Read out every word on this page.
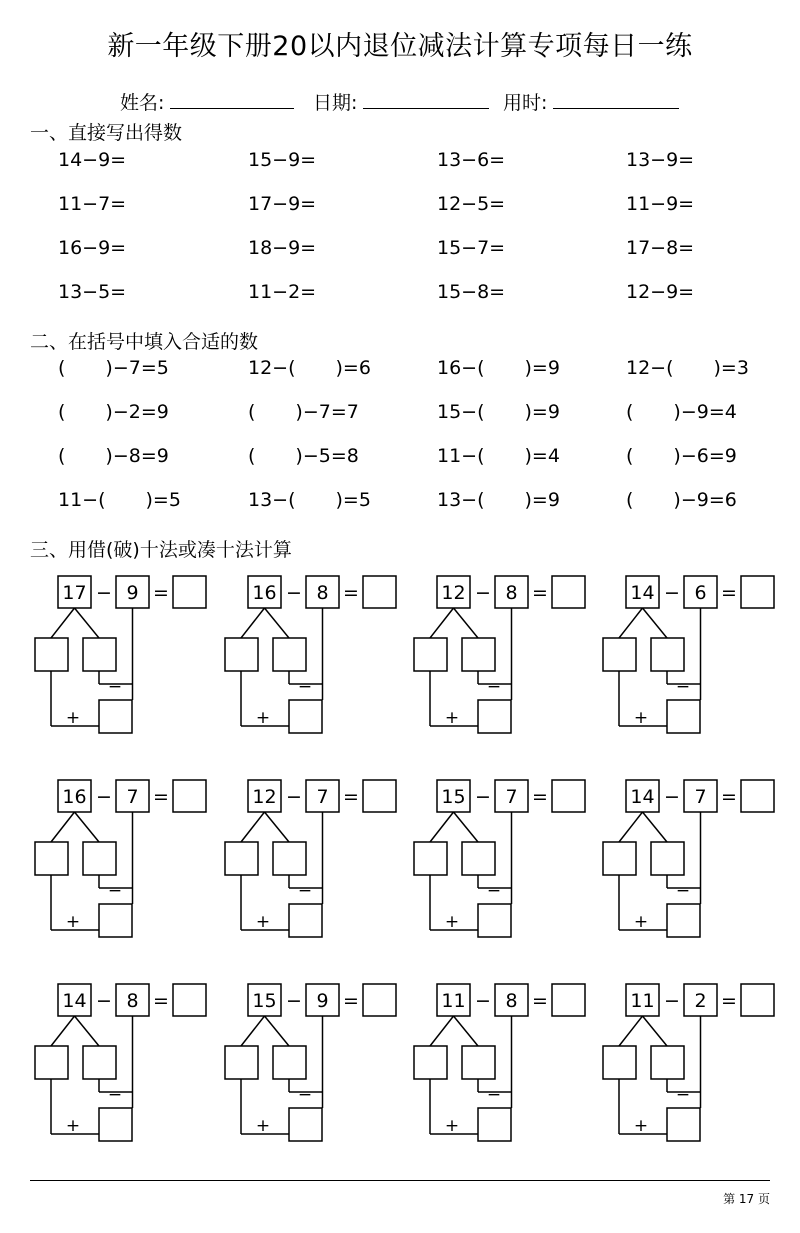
新一年级下册20以内退位减法计算专项每日一练
姓名:	日期:	用时:
一、直接写出得数
14−9=	15−9=	13−6=	13−9=
11−7=	17−9=	12−5=	11−9=
16−9=	18−9=	15−7=	17−8=
13−5=	11−2=	15−8=	12−9=
二、在括号中填入合适的数
( )−7=5	12−( )=6	16−( )=9	12−( )=3
( )−2=9	( )−7=7	15−( )=9	( )−9=4
( )−8=9	( )−5=8	11−( )=4	( )−6=9
11−( )=5	13−( )=5	13−( )=9	( )−9=6
三、用借(破)十法或凑十法计算
17 − 9 =
−
+
16 − 8 =
−
+
12 − 8 =
−
+
14 − 6 =
−
+
16 − 7 =
−
+
12 − 7 =
−
+
15 − 7 =
−
+
14 − 7 =
−
+
14 − 8 =
−
+
15 − 9 =
−
+
11 − 8 =
−
+
11 − 2 =
−
+
第 17 页
